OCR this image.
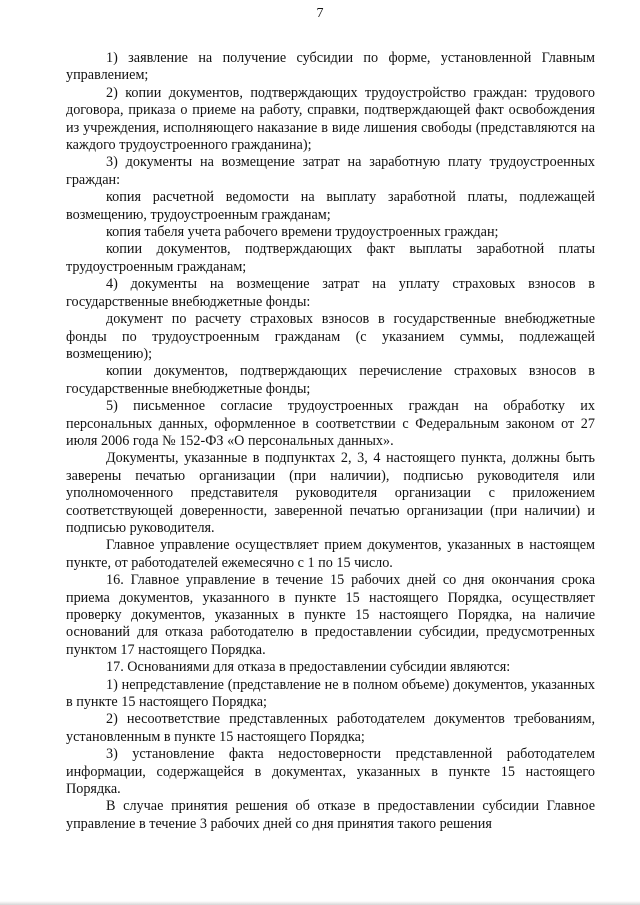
7

1) заявление на получение субсидии по форме, установленной Главным управлением;

2) копии документов, подтверждающих трудоустройство граждан: трудового договора, приказа о приеме на работу, справки, подтверждающей факт освобождения из учреждения, исполняющего наказание в виде лишения свободы (представляются на каждого трудоустроенного гражданина);

3) документы на возмещение затрат на заработную плату трудоустроенных граждан:

копия расчетной ведомости на выплату заработной платы, подлежащей возмещению, трудоустроенным гражданам;

копия табеля учета рабочего времени трудоустроенных граждан;

копии документов, подтверждающих факт выплаты заработной платы трудоустроенным гражданам;

4) документы на возмещение затрат на уплату страховых взносов в государственные внебюджетные фонды:

документ по расчету страховых взносов в государственные внебюджетные фонды по трудоустроенным гражданам (с указанием суммы, подлежащей возмещению);

копии документов, подтверждающих перечисление страховых взносов в государственные внебюджетные фонды;

5) письменное согласие трудоустроенных граждан на обработку их персональных данных, оформленное в соответствии с Федеральным законом от 27 июля 2006 года № 152-ФЗ «О персональных данных».

Документы, указанные в подпунктах 2, 3, 4 настоящего пункта, должны быть заверены печатью организации (при наличии), подписью руководителя или уполномоченного представителя руководителя организации с приложением соответствующей доверенности, заверенной печатью организации (при наличии) и подписью руководителя.

Главное управление осуществляет прием документов, указанных в настоящем пункте, от работодателей ежемесячно с 1 по 15 число.

16. Главное управление в течение 15 рабочих дней со дня окончания срока приема документов, указанного в пункте 15 настоящего Порядка, осуществляет проверку документов, указанных в пункте 15 настоящего Порядка, на наличие оснований для отказа работодателю в предоставлении субсидии, предусмотренных пунктом 17 настоящего Порядка.

17. Основаниями для отказа в предоставлении субсидии являются:

1) непредставление (представление не в полном объеме) документов, указанных в пункте 15 настоящего Порядка;

2) несоответствие представленных работодателем документов требованиям, установленным в пункте 15 настоящего Порядка;

3) установление факта недостоверности представленной работодателем информации, содержащейся в документах, указанных в пункте 15 настоящего Порядка.

В случае принятия решения об отказе в предоставлении субсидии Главное управление в течение 3 рабочих дней со дня принятия такого решения
